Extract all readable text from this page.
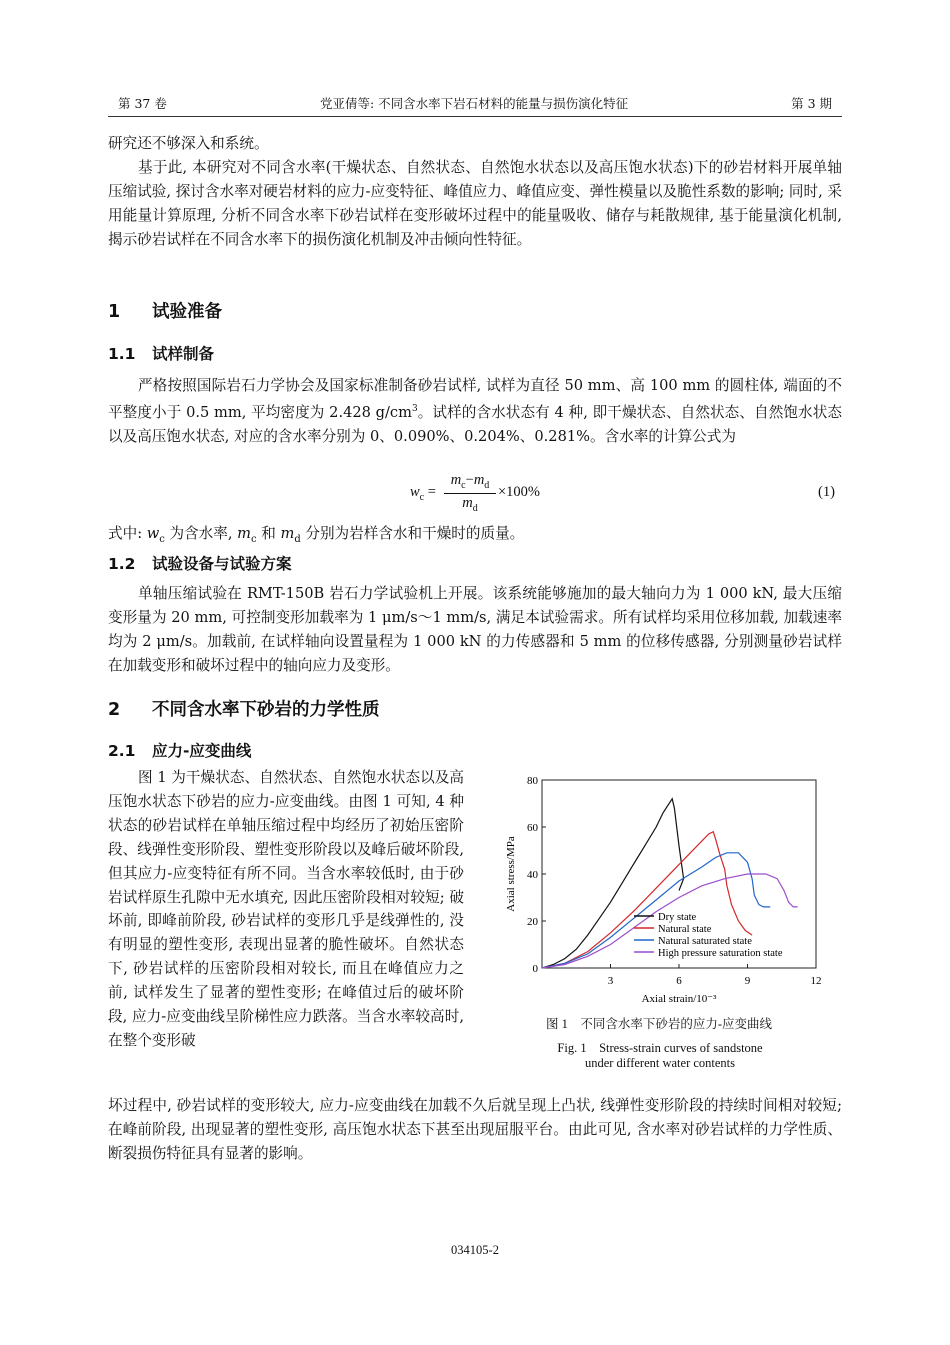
第 37 卷	党亚倩等: 不同含水率下岩石材料的能量与损伤演化特征	第 3 期
研究还不够深入和系统。
基于此, 本研究对不同含水率(干燥状态、自然状态、自然饱水状态以及高压饱水状态)下的砂岩材料开展单轴压缩试验, 探讨含水率对硬岩材料的应力-应变特征、峰值应力、峰值应变、弹性模量以及脆性系数的影响; 同时, 采用能量计算原理, 分析不同含水率下砂岩试样在变形破坏过程中的能量吸收、储存与耗散规律, 基于能量演化机制, 揭示砂岩试样在不同含水率下的损伤演化机制及冲击倾向性特征。
1 试验准备
1.1 试样制备
严格按照国际岩石力学协会及国家标准制备砂岩试样, 试样为直径 50 mm、高 100 mm 的圆柱体, 端面的不平整度小于 0.5 mm, 平均密度为 2.428 $g/cm^3$。试样的含水状态有 4 种, 即干燥状态、自然状态、自然饱水状态以及高压饱水状态, 对应的含水率分别为 0、0.090%、0.204%、0.281%。含水率的计算公式为
$w_c = \frac{m_c-m_d}{m_d} \times 100\%$	(1)
式中: $w_c$ 为含水率, $m_c$ 和 $m_d$ 分别为岩样含水和干燥时的质量。
1.2 试验设备与试验方案
单轴压缩试验在 RMT-150B 岩石力学试验机上开展。该系统能够施加的最大轴向力为 1 000 kN, 最大压缩变形量为 20 mm, 可控制变形加载率为 1 μm/s～1 mm/s, 满足本试验需求。所有试样均采用位移加载, 加载速率均为 2 μm/s。加载前, 在试样轴向设置量程为 1 000 kN 的力传感器和 5 mm 的位移传感器, 分别测量砂岩试样在加载变形和破坏过程中的轴向应力及变形。
2 不同含水率下砂岩的力学性质
2.1 应力-应变曲线
图 1 为干燥状态、自然状态、自然饱水状态以及高压饱水状态下砂岩的应力-应变曲线。由图 1 可知, 4 种状态的砂岩试样在单轴压缩过程中均经历了初始压密阶段、线弹性变形阶段、塑性变形阶段以及峰后破坏阶段, 但其应力-应变特征有所不同。当含水率较低时, 由于砂岩试样原生孔隙中无水填充, 因此压密阶段相对较短; 破坏前, 即峰前阶段, 砂岩试样的变形几乎是线弹性的, 没有明显的塑性变形, 表现出显著的脆性破坏。自然状态下, 砂岩试样的压密阶段相对较长, 而且在峰值应力之前, 试样发生了显著的塑性变形; 在峰值过后的破坏阶段, 应力-应变曲线呈阶梯性应力跌落。当含水率较高时, 在整个变形破
0
20
40
60
80
3	6	9	12
Axial strain/10⁻³
Axial stress/MPa
Dry state
Natural state
Natural saturated state
High pressure saturation state
图 1　不同含水率下砂岩的应力-应变曲线
Fig. 1　Stress-strain curves of sandstone
under different water contents
坏过程中, 砂岩试样的变形较大, 应力-应变曲线在加载不久后就呈现上凸状, 线弹性变形阶段的持续时间相对较短; 在峰前阶段, 出现显著的塑性变形, 高压饱水状态下甚至出现屈服平台。由此可见, 含水率对砂岩试样的力学性质、断裂损伤特征具有显著的影响。
034105-2
